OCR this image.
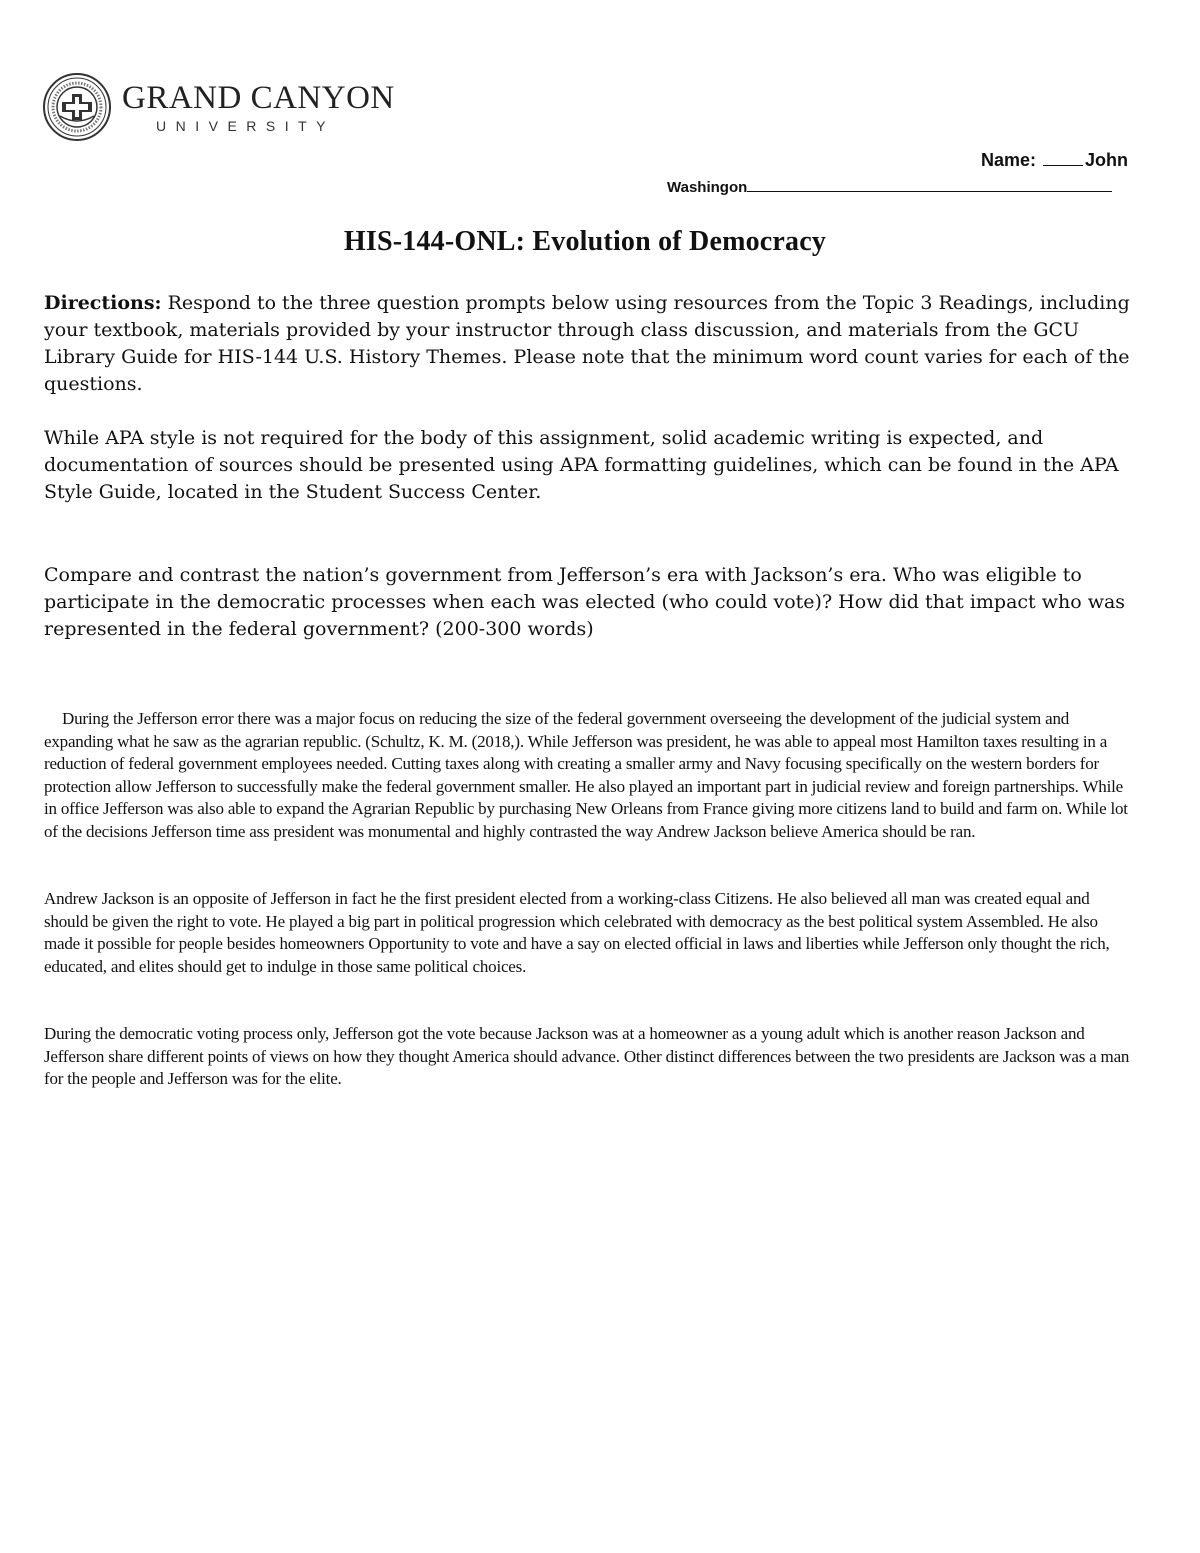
GRAND CANYON
UNIVERSITY
Name:	John
Washingon
HIS-144-ONL: Evolution of Democracy
Directions: Respond to the three question prompts below using resources from the Topic 3 Readings, including your textbook, materials provided by your instructor through class discussion, and materials from the GCU Library Guide for HIS-144 U.S. History Themes. Please note that the minimum word count varies for each of the questions.
While APA style is not required for the body of this assignment, solid academic writing is expected, and documentation of sources should be presented using APA formatting guidelines, which can be found in the APA Style Guide, located in the Student Success Center.
Compare and contrast the nation’s government from Jefferson’s era with Jackson’s era. Who was eligible to participate in the democratic processes when each was elected (who could vote)? How did that impact who was represented in the federal government? (200-300 words)
During the Jefferson error there was a major focus on reducing the size of the federal government overseeing the development of the judicial system and expanding what he saw as the agrarian republic. (Schultz, K. M. (2018,). While Jefferson was president, he was able to appeal most Hamilton taxes resulting in a reduction of federal government employees needed. Cutting taxes along with creating a smaller army and Navy focusing specifically on the western borders for protection allow Jefferson to successfully make the federal government smaller. He also played an important part in judicial review and foreign partnerships. While in office Jefferson was also able to expand the Agrarian Republic by purchasing New Orleans from France giving more citizens land to build and farm on. While lot of the decisions Jefferson time ass president was monumental and highly contrasted the way Andrew Jackson believe America should be ran.
Andrew Jackson is an opposite of Jefferson in fact he the first president elected from a working-class Citizens. He also believed all man was created equal and should be given the right to vote. He played a big part in political progression which celebrated with democracy as the best political system Assembled. He also made it possible for people besides homeowners Opportunity to vote and have a say on elected official in laws and liberties while Jefferson only thought the rich, educated, and elites should get to indulge in those same political choices.
During the democratic voting process only, Jefferson got the vote because Jackson was at a homeowner as a young adult which is another reason Jackson and Jefferson share different points of views on how they thought America should advance. Other distinct differences between the two presidents are Jackson was a man for the people and Jefferson was for the elite.
